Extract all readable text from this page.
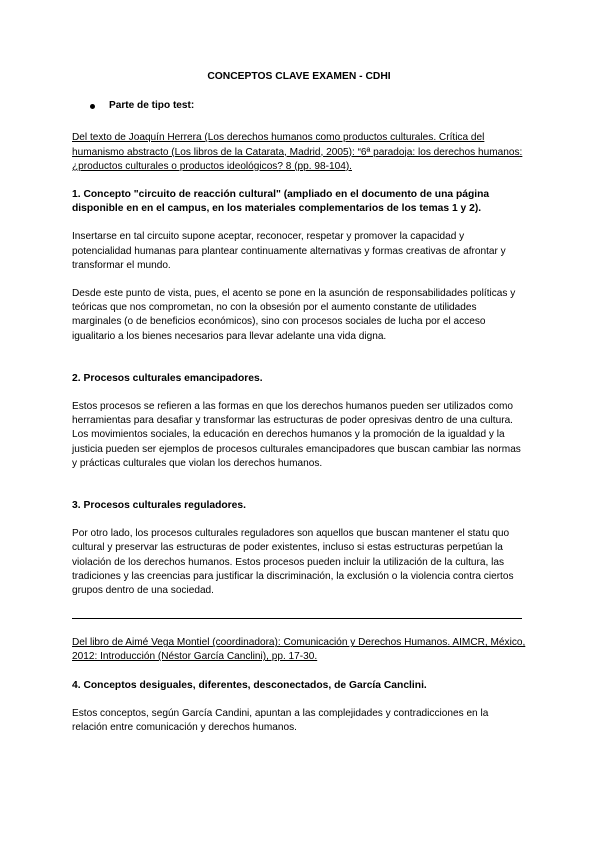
CONCEPTOS CLAVE EXAMEN - CDHI
Parte de tipo test:
Del texto de Joaquín Herrera (Los derechos humanos como productos culturales. Crítica del humanismo abstracto (Los libros de la Catarata, Madrid, 2005): “6ª paradoja: los derechos humanos: ¿productos culturales o productos ideológicos? 8 (pp. 98-104).
1. Concepto "circuito de reacción cultural" (ampliado en el documento de una página disponible en en el campus, en los materiales complementarios de los temas 1 y 2).

Insertarse en tal circuito supone aceptar, reconocer, respetar y promover la capacidad y potencialidad humanas para plantear continuamente alternativas y formas creativas de afrontar y transformar el mundo.

Desde este punto de vista, pues, el acento se pone en la asunción de responsabilidades políticas y teóricas que nos comprometan, no con la obsesión por el aumento constante de utilidades marginales (o de beneficios económicos), sino con procesos sociales de lucha por el acceso igualitario a los bienes necesarios para llevar adelante una vida digna.

2. Procesos culturales emancipadores.

Estos procesos se refieren a las formas en que los derechos humanos pueden ser utilizados como herramientas para desafiar y transformar las estructuras de poder opresivas dentro de una cultura. Los movimientos sociales, la educación en derechos humanos y la promoción de la igualdad y la justicia pueden ser ejemplos de procesos culturales emancipadores que buscan cambiar las normas y prácticas culturales que violan los derechos humanos.

3. Procesos culturales reguladores.

Por otro lado, los procesos culturales reguladores son aquellos que buscan mantener el statu quo cultural y preservar las estructuras de poder existentes, incluso si estas estructuras perpetúan la violación de los derechos humanos. Estos procesos pueden incluir la utilización de la cultura, las tradiciones y las creencias para justificar la discriminación, la exclusión o la violencia contra ciertos grupos dentro de una sociedad.

Del libro de Aimé Vega Montiel (coordinadora): Comunicación y Derechos Humanos. AIMCR, México, 2012: Introducción (Néstor García Canclini), pp. 17-30.
4. Conceptos desiguales, diferentes, desconectados, de García Canclini.

Estos conceptos, según García Candini, apuntan a las complejidades y contradicciones en la relación entre comunicación y derechos humanos.
